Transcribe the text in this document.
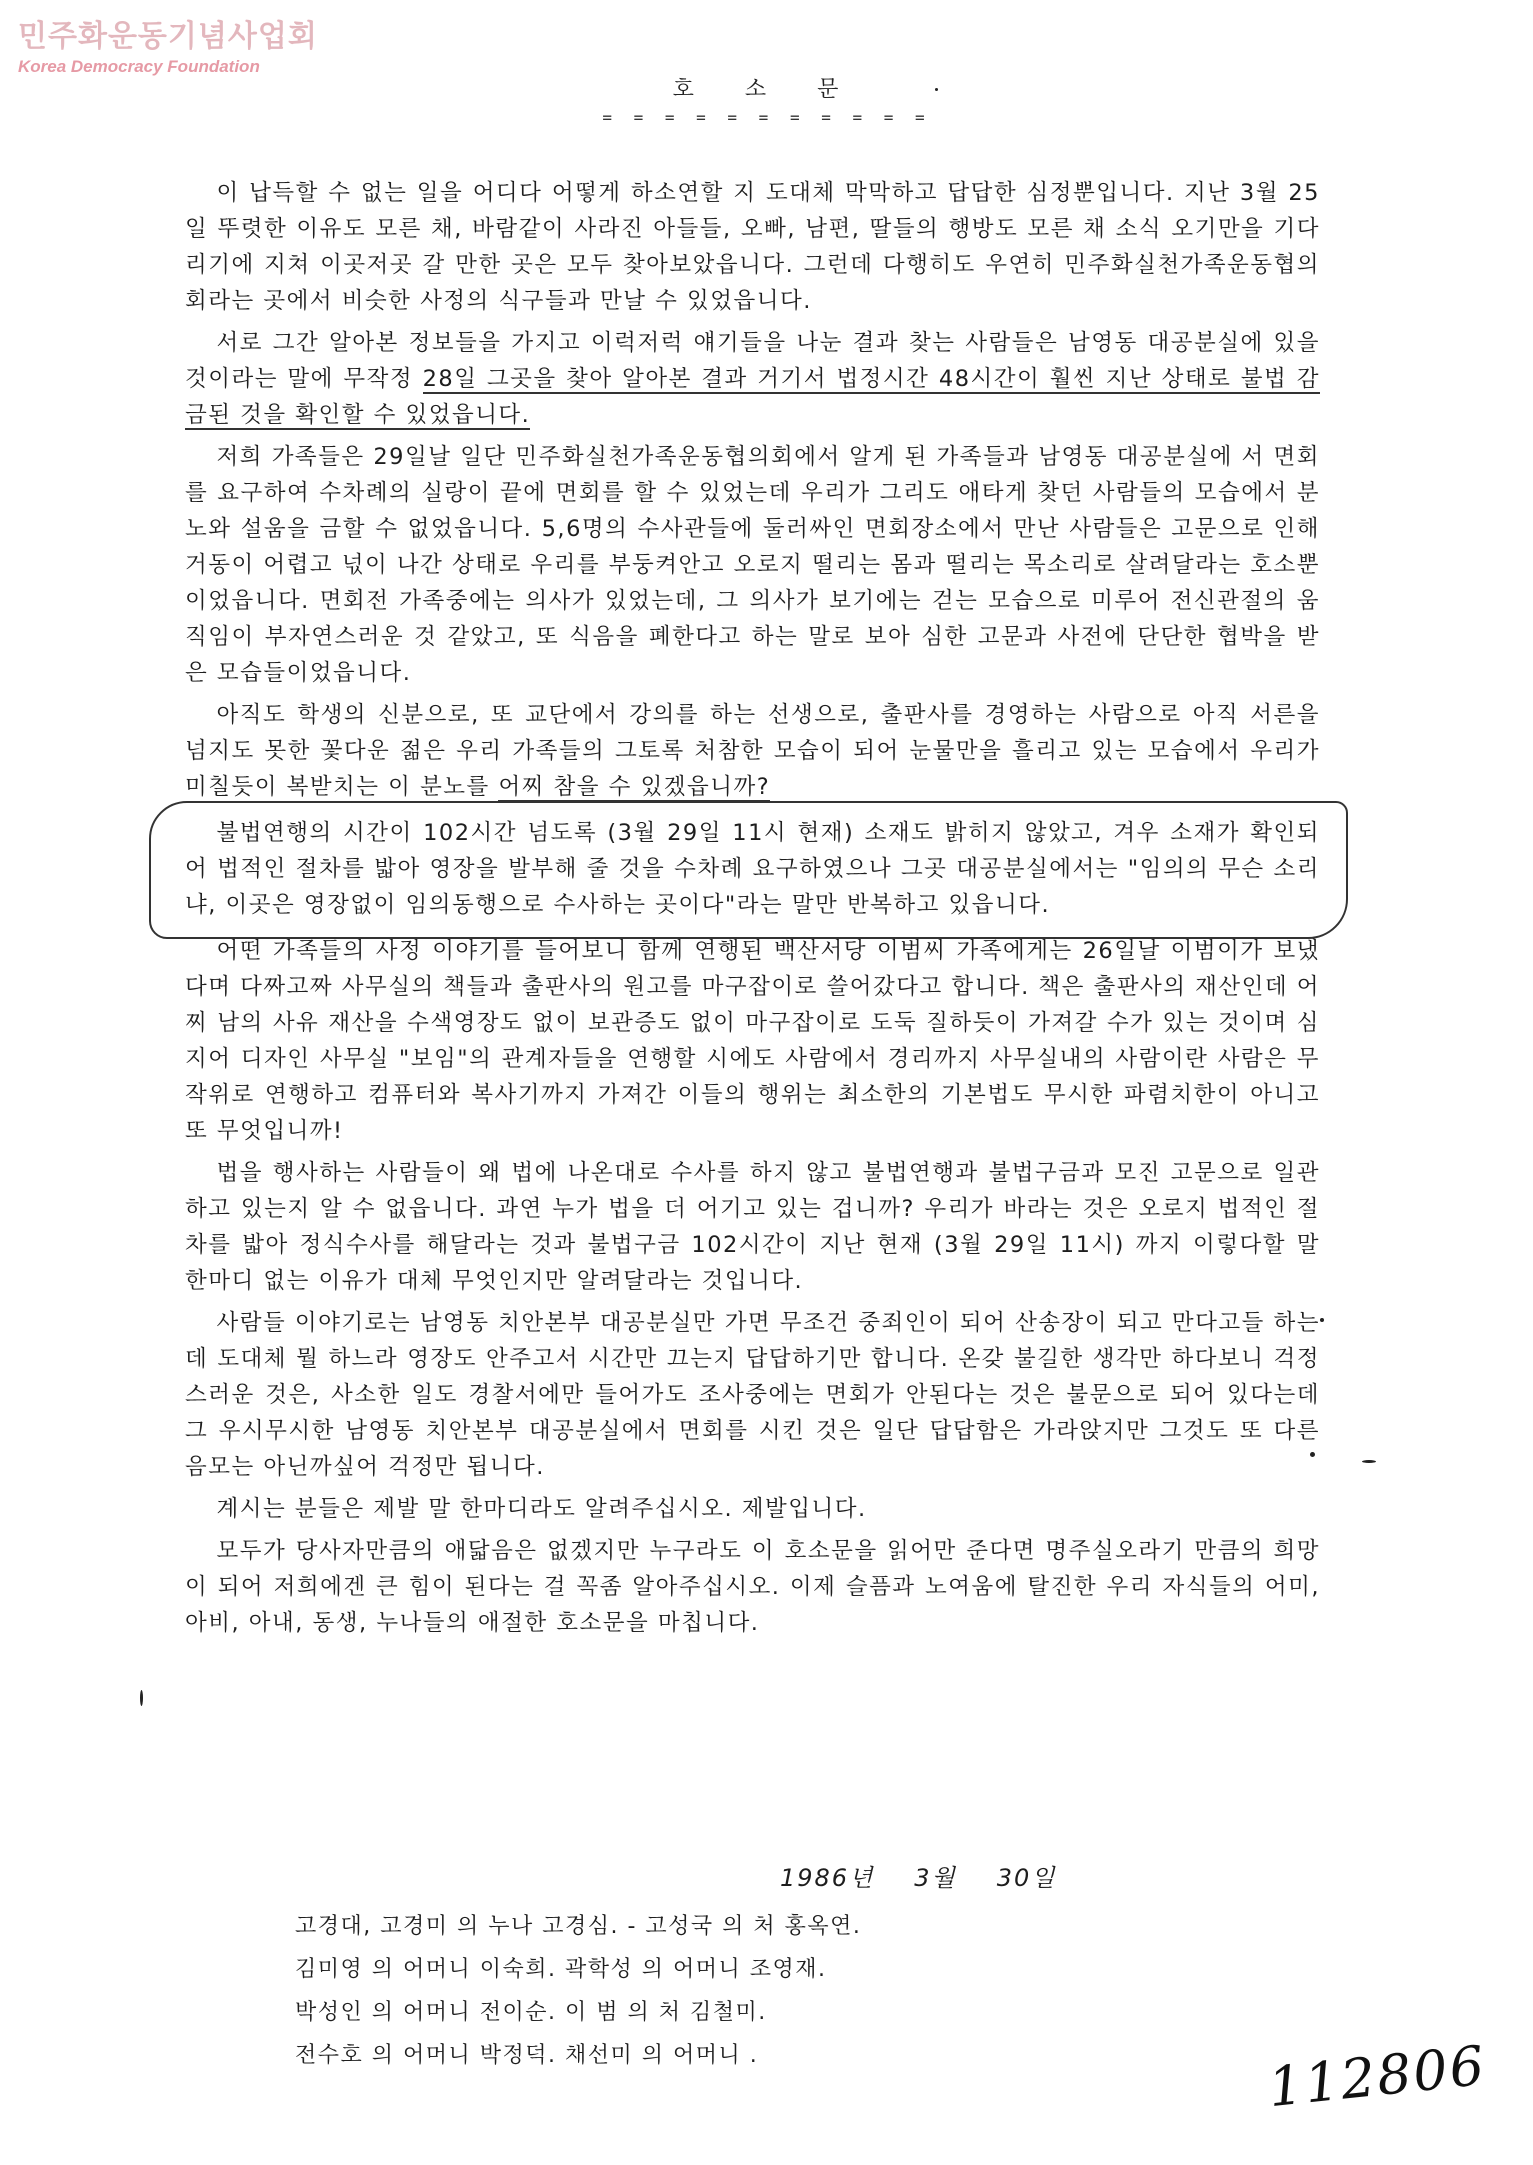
민주화운동기념사업회
Korea Democracy Foundation
호 소 문
= = = = = = = = = = =

이 납득할 수 없는 일을 어디다 어떻게 하소연할 지 도대체 막막하고 답답한 심정뿐입니다. 지난 3월 25일 뚜렷한 이유도 모른 채, 바람같이 사라진 아들들, 오빠, 남편, 딸들의 행방도 모른 채 소식 오기만을 기다리기에 지쳐 이곳저곳 갈 만한 곳은 모두 찾아보았읍니다. 그런데 다행히도 우연히 민주화실천가족운동협의회라는 곳에서 비슷한 사정의 식구들과 만날 수 있었읍니다.

서로 그간 알아본 정보들을 가지고 이럭저럭 얘기들을 나눈 결과 찾는 사람들은 남영동 대공분실에 있을 것이라는 말에 무작정 28일 그곳을 찾아 알아본 결과 거기서 법정시간 48시간이 훨씬 지난 상태로 불법 감금된 것을 확인할 수 있었읍니다.

저희 가족들은 29일날 일단 민주화실천가족운동협의회에서 알게 된 가족들과 남영동 대공분실에 서 면회를 요구하여 수차례의 실랑이 끝에 면회를 할 수 있었는데 우리가 그리도 애타게 찾던 사람들의 모습에서 분노와 설움을 금할 수 없었읍니다. 5,6명의 수사관들에 둘러싸인 면회장소에서 만난 사람들은 고문으로 인해 거동이 어렵고 넋이 나간 상태로 우리를 부둥켜안고 오로지 떨리는 몸과 떨리는 목소리로 살려달라는 호소뿐이었읍니다. 면회전 가족중에는 의사가 있었는데, 그 의사가 보기에는 걷는 모습으로 미루어 전신관절의 움직임이 부자연스러운 것 같았고, 또 식음을 폐한다고 하는 말로 보아 심한 고문과 사전에 단단한 협박을 받은 모습들이었읍니다.

아직도 학생의 신분으로, 또 교단에서 강의를 하는 선생으로, 출판사를 경영하는 사람으로 아직 서른을 넘지도 못한 꽃다운 젊은 우리 가족들의 그토록 처참한 모습이 되어 눈물만을 흘리고 있는 모습에서 우리가 미칠듯이 복받치는 이 분노를 어찌 참을 수 있겠읍니까?

불법연행의 시간이 102시간 넘도록 (3월 29일 11시 현재) 소재도 밝히지 않았고, 겨우 소재가 확인되어 법적인 절차를 밟아 영장을 발부해 줄 것을 수차례 요구하였으나 그곳 대공분실에서는 "임의의 무슨 소리냐, 이곳은 영장없이 임의동행으로 수사하는 곳이다"라는 말만 반복하고 있읍니다.

어떤 가족들의 사정 이야기를 들어보니 함께 연행된 백산서당 이범씨 가족에게는 26일날 이범이가 보냈다며 다짜고짜 사무실의 책들과 출판사의 원고를 마구잡이로 쓸어갔다고 합니다. 책은 출판사의 재산인데 어찌 남의 사유 재산을 수색영장도 없이 보관증도 없이 마구잡이로 도둑 질하듯이 가져갈 수가 있는 것이며 심지어 디자인 사무실 "보임"의 관계자들을 연행할 시에도 사람에서 경리까지 사무실내의 사람이란 사람은 무작위로 연행하고 컴퓨터와 복사기까지 가져간 이들의 행위는 최소한의 기본법도 무시한 파렴치한이 아니고 또 무엇입니까!

법을 행사하는 사람들이 왜 법에 나온대로 수사를 하지 않고 불법연행과 불법구금과 모진 고문으로 일관하고 있는지 알 수 없읍니다. 과연 누가 법을 더 어기고 있는 겁니까? 우리가 바라는 것은 오로지 법적인 절차를 밟아 정식수사를 해달라는 것과 불법구금 102시간이 지난 현재 (3월 29일 11시) 까지 이렇다할 말 한마디 없는 이유가 대체 무엇인지만 알려달라는 것입니다.

사람들 이야기로는 남영동 치안본부 대공분실만 가면 무조건 중죄인이 되어 산송장이 되고 만다고들 하는데 도대체 뭘 하느라 영장도 안주고서 시간만 끄는지 답답하기만 합니다. 온갖 불길한 생각만 하다보니 걱정스러운 것은, 사소한 일도 경찰서에만 들어가도 조사중에는 면회가 안된다는 것은 불문으로 되어 있다는데 그 우시무시한 남영동 치안본부 대공분실에서 면회를 시킨 것은 일단 답답함은 가라앉지만 그것도 또 다른 음모는 아닌까싶어 걱정만 됩니다.

계시는 분들은 제발 말 한마디라도 알려주십시오. 제발입니다.

모두가 당사자만큼의 애닯음은 없겠지만 누구라도 이 호소문을 읽어만 준다면 명주실오라기 만큼의 희망이 되어 저희에겐 큰 힘이 된다는 걸 꼭좀 알아주십시오. 이제 슬픔과 노여움에 탈진한 우리 자식들의 어미, 아비, 아내, 동생, 누나들의 애절한 호소문을 마칩니다.

1986년 3월 30일
고경대, 고경미 의 누나 고경심. - 고성국 의 처 홍옥연.
김미영 의 어머니 이숙희. 곽학성 의 어머니 조영재.
박성인 의 어머니 전이순. 이 범 의 처 김철미.
전수호 의 어머니 박정덕. 채선미 의 어머니 .	112806
